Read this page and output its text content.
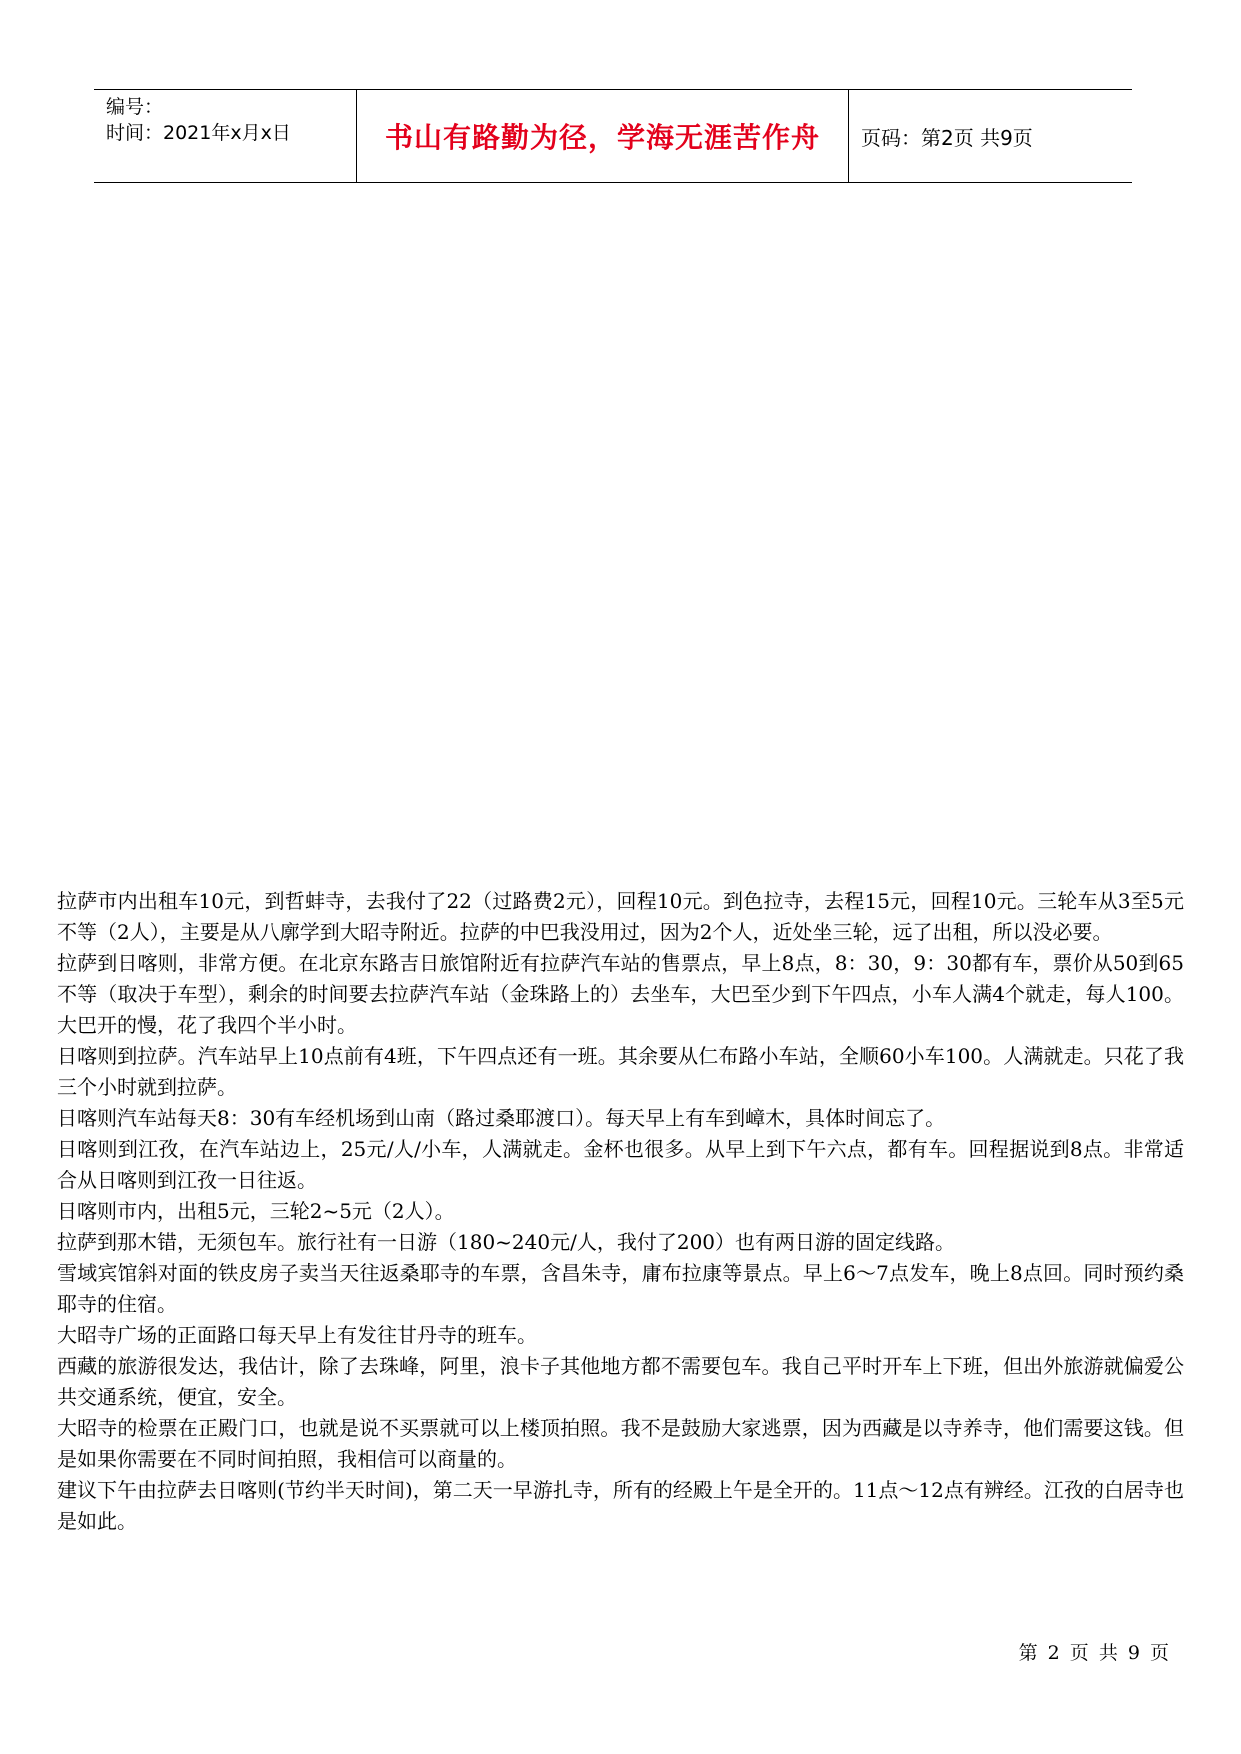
编号：
时间：2021年x月x日	书山有路勤为径，学海无涯苦作舟 页码：第2页 共9页

拉萨市内出租车10元，到哲蚌寺，去我付了22（过路费2元），回程10元。到色拉寺，去程15元，回程10元。三轮车从3至5元不等（2人），主要是从八廓学到大昭寺附近。拉萨的中巴我没用过，因为2个人，近处坐三轮，远了出租，所以没必要。

拉萨到日喀则，非常方便。在北京东路吉日旅馆附近有拉萨汽车站的售票点，早上8点，8：30，9：30都有车，票价从50到65不等（取决于车型），剩余的时间要去拉萨汽车站（金珠路上的）去坐车，大巴至少到下午四点，小车人满4个就走，每人100。大巴开的慢，花了我四个半小时。

日喀则到拉萨。汽车站早上10点前有4班，下午四点还有一班。其余要从仁布路小车站，全顺60小车100。人满就走。只花了我三个小时就到拉萨。

日喀则汽车站每天8：30有车经机场到山南（路过桑耶渡口）。每天早上有车到嶂木，具体时间忘了。

日喀则到江孜，在汽车站边上，25元/人/小车，人满就走。金杯也很多。从早上到下午六点，都有车。回程据说到8点。非常适合从日喀则到江孜一日往返。

日喀则市内，出租5元，三轮2~5元（2人）。

拉萨到那木错，无须包车。旅行社有一日游（180~240元/人，我付了200）也有两日游的固定线路。

雪域宾馆斜对面的铁皮房子卖当天往返桑耶寺的车票，含昌朱寺，庸布拉康等景点。早上6～7点发车，晚上8点回。同时预约桑耶寺的住宿。

大昭寺广场的正面路口每天早上有发往甘丹寺的班车。

西藏的旅游很发达，我估计，除了去珠峰，阿里，浪卡子其他地方都不需要包车。我自己平时开车上下班，但出外旅游就偏爱公共交通系统，便宜，安全。

大昭寺的检票在正殿门口，也就是说不买票就可以上楼顶拍照。我不是鼓励大家逃票，因为西藏是以寺养寺，他们需要这钱。但是如果你需要在不同时间拍照，我相信可以商量的。

建议下午由拉萨去日喀则(节约半天时间)，第二天一早游扎寺，所有的经殿上午是全开的。11点～12点有辨经。江孜的白居寺也是如此。

第 2 页 共 9 页
